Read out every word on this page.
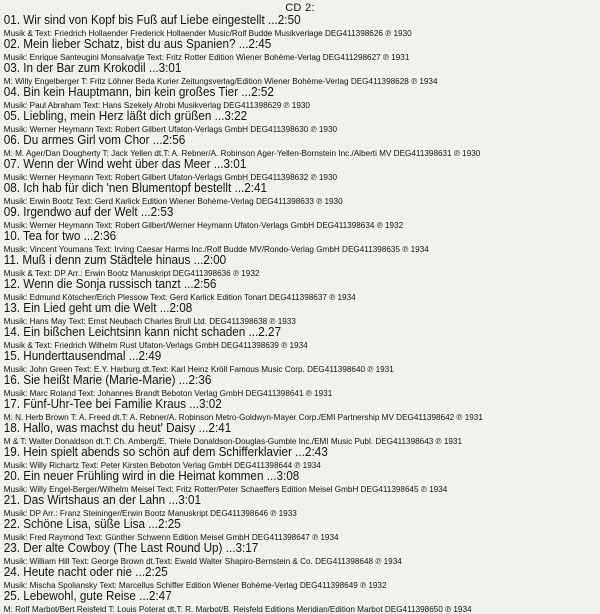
CD 2:
01. Wir sind von Kopf bis Fuß auf Liebe eingestellt ...2:50
Musik & Text: Friedrich Hollaender Frederick Hollaender Music/Rolf Budde Musikverlage DEG411398626 ℗ 1930
02. Mein lieber Schatz, bist du aus Spanien? ...2:45
Musik: Enrique Santeugini Monsalvatje Text: Fritz Rotter Edition Wiener Bohème-Verlag DEG411298627 ℗ 1931
03. In der Bar zum Krokodil ...3:01
M: Willy Engelberger T: Fritz Löhner Beda Kurier Zeitungsverlag/Edition Wiener Bohème-Verlag DEG411398628 ℗ 1934
04. Bin kein Hauptmann, bin kein großes Tier ...2:52
Musik: Paul Abraham Text: Hans Szekely Alrobi Musikverlag DEG411398629 ℗ 1930
05. Liebling, mein Herz läßt dich grüßen ...3:22
Musik: Werner Heymann Text: Robert Gilbert Ufaton-Verlags GmbH DEG411398630 ℗ 1930
06. Du armes Girl vom Chor ...2:56
M: M. Ager/Dan Dougherty T: Jack Yellen dt.T: A. Rebner/A. Robinson Ager-Yellen-Bornstein Inc./Alberti MV DEG411398631 ℗ 1930
07. Wenn der Wind weht über das Meer ...3:01
Musik: Werner Heymann Text: Robert Gilbert Ufaton-Verlags GmbH DEG411398632 ℗ 1930
08. Ich hab für dich 'nen Blumentopf bestellt ...2:41
Musik: Erwin Bootz Text: Gerd Karlick Edition Wiener Bohème-Verlag DEG411398633 ℗ 1930
09. Irgendwo auf der Welt ...2:53
Musik: Werner Heymann Text: Robert Gilbert/Werner Heymann Ufaton-Verlags GmbH DEG411398634 ℗ 1932
10. Tea for two ...2:36
Musik: Vincent Youmans Text: Irving Caesar Harms Inc./Rolf Budde MV/Rondo-Verlag GmbH DEG411398635 ℗ 1934
11. Muß i denn zum Städtele hinaus ...2:00
Musik & Text: DP Arr.: Erwin Bootz Manuskript DEG411398636 ℗ 1932
12. Wenn die Sonja russisch tanzt ...2:56
Musik: Edmund Kötscher/Erich Plessow Text: Gerd Karlick Edition Tonart DEG411398637 ℗ 1934
13. Ein Lied geht um die Welt ...2:08
Musik: Hans May Text: Ernst Neubach Charles Brull Ltd. DEG411398638 ℗ 1933
14. Ein bißchen Leichtsinn kann nicht schaden ...2.27
Musik & Text: Friedrich Wilhelm Rust Ufaton-Verlags GmbH DEG411398639 ℗ 1934
15. Hunderttausendmal ...2:49
Musik: John Green Text: E.Y. Harburg dt.Text: Karl Heinz Kröll Famous Music Corp. DEG411398640 ℗ 1931
16. Sie heißt Marie (Marie-Marie) ...2:36
Musik: Marc Roland Text: Johannes Brandt Beboton Verlag GmbH DEG411398641 ℗ 1931
17. Fünf-Uhr-Tee bei Familie Kraus ...3:02
M: N. Herb Brown T: A. Freed dt.T: A. Rebner/A. Robinson Metro-Goldwyn-Mayer Corp./EMI Partnership MV DEG411398642 ℗ 1931
18. Hallo, was machst du heut' Daisy ...2:41
M & T: Walter Donaldson dt.T: Ch. Amberg/E. Thiele Donaldson-Douglas-Gumble Inc./EMI Music Publ. DEG411398643 ℗ 1931
19. Hein spielt abends so schön auf dem Schifferklavier ...2:43
Musik: Willy Richartz Text: Peter Kirsten Beboton Verlag GmbH DEG411398644 ℗ 1934
20. Ein neuer Frühling wird in die Heimat kommen ...3:08
Musik: Willy Engel-Berger/Wilhelm Meisel Text: Fritz Rotter/Peter Schaeffers Edition Meisel GmbH DEG411398645 ℗ 1934
21. Das Wirtshaus an der Lahn ...3:01
Musik: DP Arr.: Franz Steininger/Erwin Bootz Manuskript DEG411398646 ℗ 1933
22. Schöne Lisa, süße Lisa ...2:25
Musik: Fred Raymond Text: Günther Schwenn Edition Meisel GmbH DEG411398647 ℗ 1934
23. Der alte Cowboy (The Last Round Up) ...3:17
Musik: William Hill Text: George Brown dt.Text: Ewald Walter Shapiro-Bernstein & Co. DEG411398648 ℗ 1934
24. Heute nacht oder nie ...2:25
Musik: Mischa Spoliansky Text: Marcellus Schiffer Edition Wiener Bohème-Verlag DEG411398649 ℗ 1932
25. Lebewohl, gute Reise ...2:47
M: Rolf Marbot/Bert Reisfeld T: Louis Poterat dt.T: R. Marbot/B. Reisfeld Editions Meridian/Edition Marbot DEG411398650 ℗ 1934
